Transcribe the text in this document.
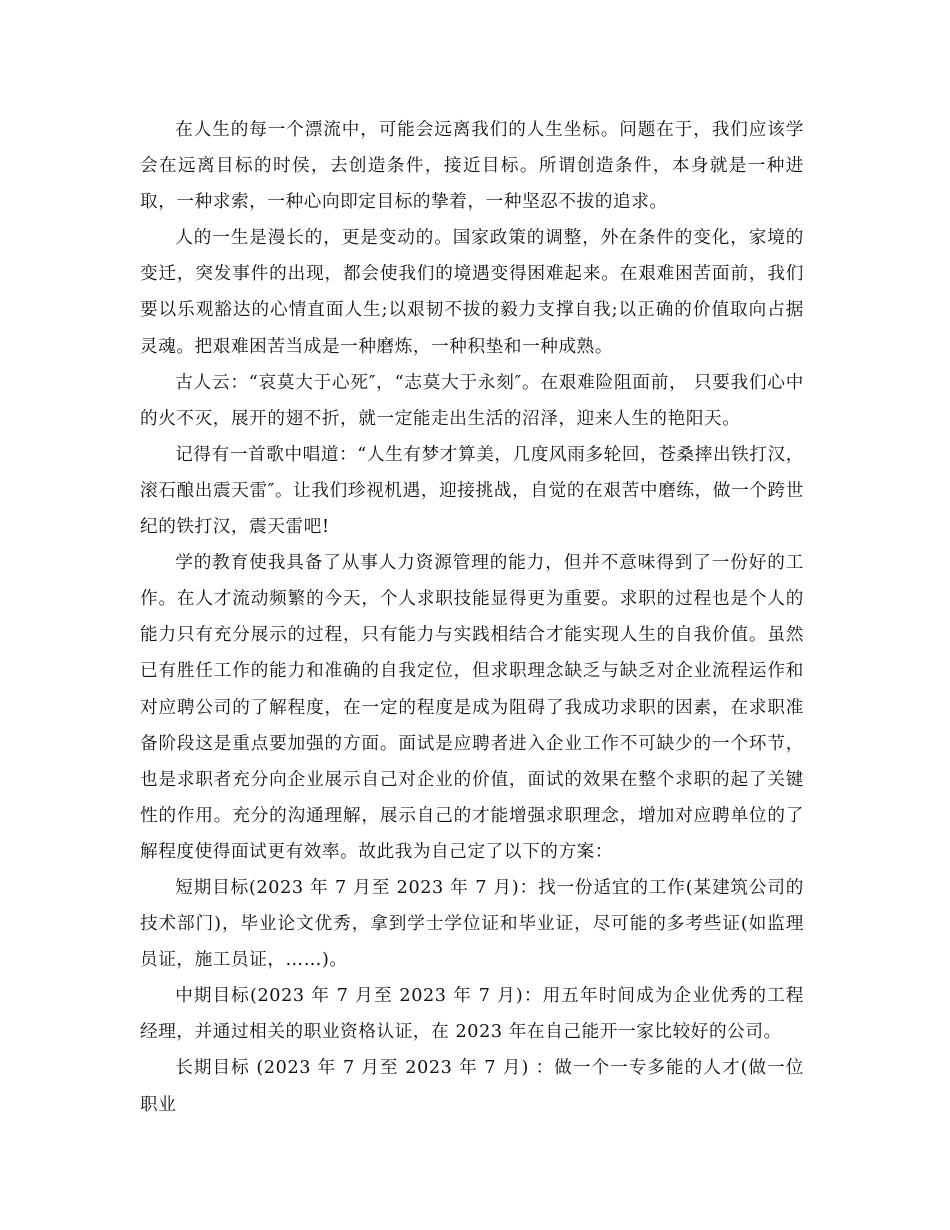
在人生的每一个漂流中，可能会远离我们的人生坐标。问题在于，我们应该学会在远离目标的时侯，去创造条件，接近目标。所谓创造条件，本身就是一种进取，一种求索，一种心向即定目标的挚着，一种坚忍不拔的追求。

人的一生是漫长的，更是变动的。国家政策的调整，外在条件的变化，家境的变迁，突发事件的出现，都会使我们的境遇变得困难起来。在艰难困苦面前，我们要以乐观豁达的心情直面人生;以艰韧不拔的毅力支撑自我;以正确的价值取向占据灵魂。把艰难困苦当成是一种磨炼，一种积垫和一种成熟。

古人云：“哀莫大于心死″，“志莫大于永刻″。在艰难险阻面前， 只要我们心中的火不灭，展开的翅不折，就一定能走出生活的沼泽，迎来人生的艳阳天。

记得有一首歌中唱道：“人生有梦才算美，几度风雨多轮回，苍桑摔出铁打汉，滚石酿出震天雷″。让我们珍视机遇，迎接挑战，自觉的在艰苦中磨练，做一个跨世纪的铁打汉，震天雷吧!

学的教育使我具备了从事人力资源管理的能力，但并不意味得到了一份好的工作。在人才流动频繁的今天，个人求职技能显得更为重要。求职的过程也是个人的能力只有充分展示的过程，只有能力与实践相结合才能实现人生的自我价值。虽然已有胜任工作的能力和准确的自我定位，但求职理念缺乏与缺乏对企业流程运作和对应聘公司的了解程度，在一定的程度是成为阻碍了我成功求职的因素，在求职准备阶段这是重点要加强的方面。面试是应聘者进入企业工作不可缺少的一个环节，也是求职者充分向企业展示自己对企业的价值，面试的效果在整个求职的起了关键性的作用。充分的沟通理解，展示自己的才能增强求职理念，增加对应聘单位的了解程度使得面试更有效率。故此我为自己定了以下的方案：

短期目标(2023 年 7 月至 2023 年 7 月)：找一份适宜的工作(某建筑公司的技术部门)，毕业论文优秀，拿到学士学位证和毕业证，尽可能的多考些证(如监理员证，施工员证，……)。

中期目标(2023 年 7 月至 2023 年 7 月)：用五年时间成为企业优秀的工程经理，并通过相关的职业资格认证，在 2023 年在自己能开一家比较好的公司。

长期目标 (2023 年 7 月至 2023 年 7 月) ：做一个一专多能的人才(做一位职业
